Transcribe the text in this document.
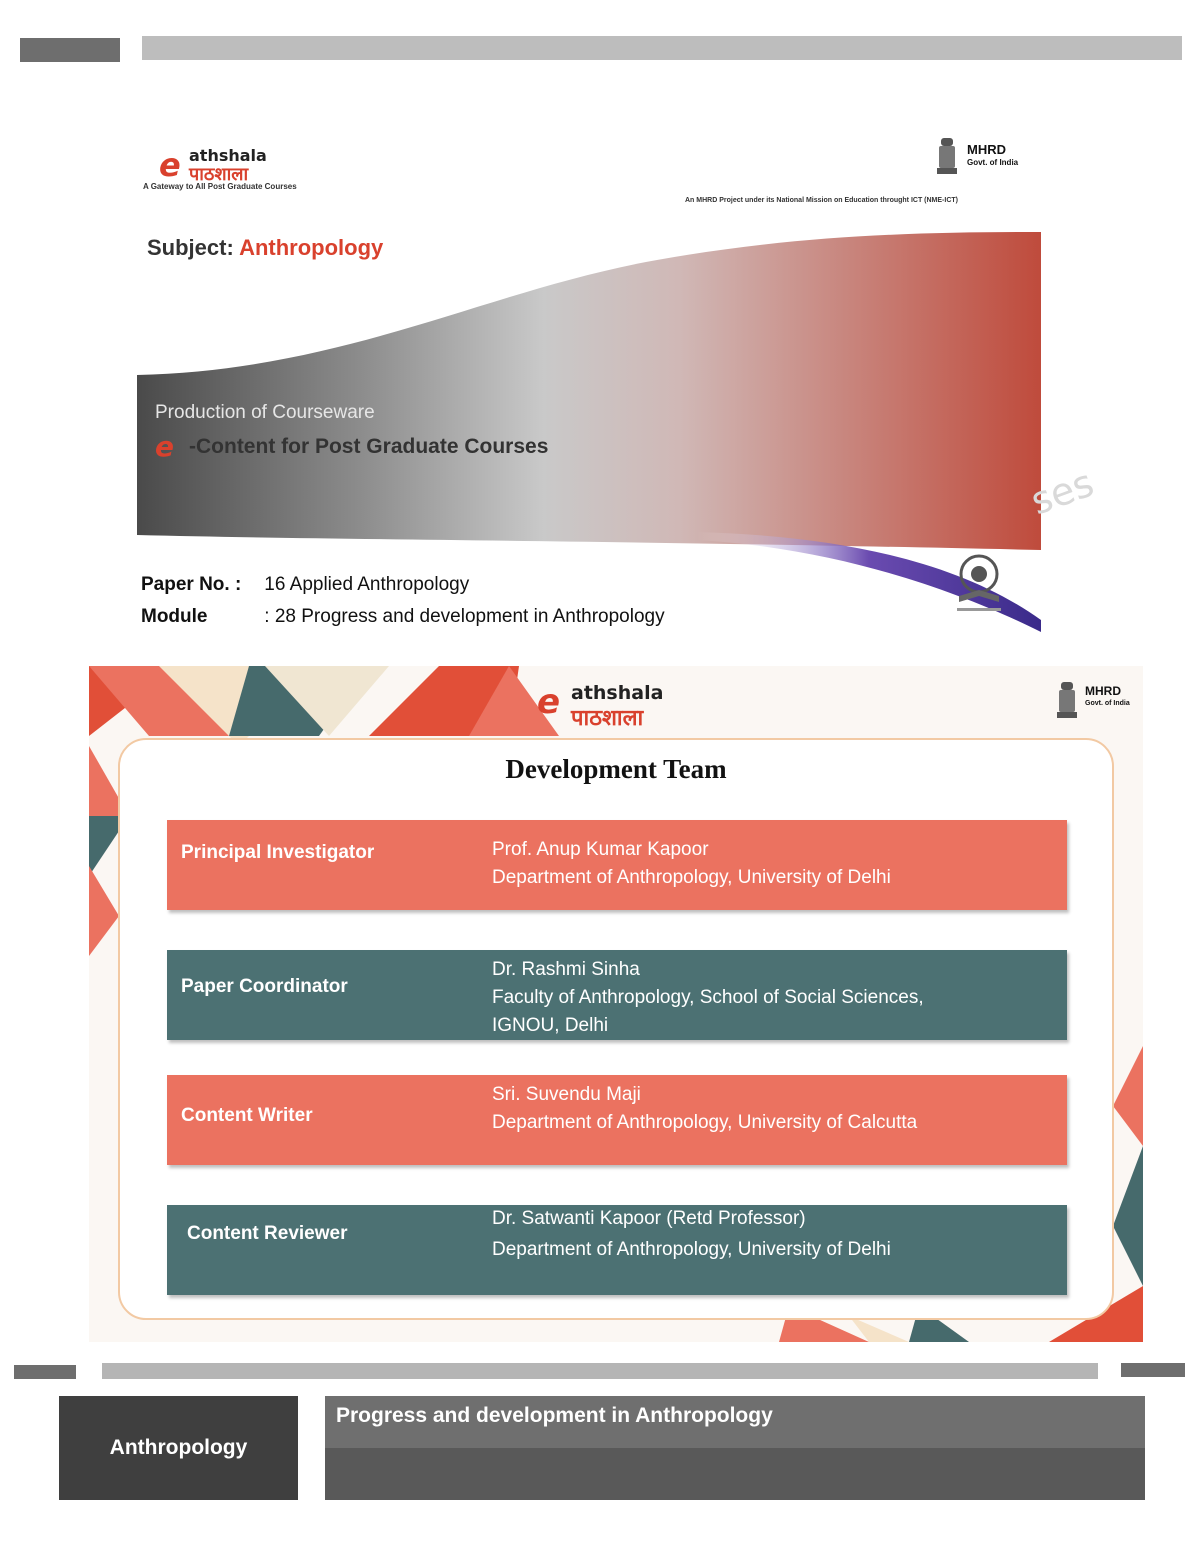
ses
e athshala
पाठशाला
A Gateway to All Post Graduate Courses
MHRD
Govt. of India
An MHRD Project under its National Mission on Education throught ICT (NME-ICT)
Subject: Anthropology
Production of Courseware
e -Content for Post Graduate Courses
Paper No. : 16 Applied Anthropology
Module	: 28 Progress and development in Anthropology
e athshala
पाठशाला
MHRD
Govt. of India
Development Team
Principal Investigator	Prof. Anup Kumar Kapoor
Department of Anthropology, University of Delhi
Paper Coordinator
Dr. Rashmi Sinha
Faculty of Anthropology, School of Social Sciences,
IGNOU, Delhi
Content Writer
Sri. Suvendu Maji
Department of Anthropology, University of Calcutta
Content Reviewer
Dr. Satwanti Kapoor (Retd Professor)
Department of Anthropology, University of Delhi
Anthropology
Progress and development in Anthropology
